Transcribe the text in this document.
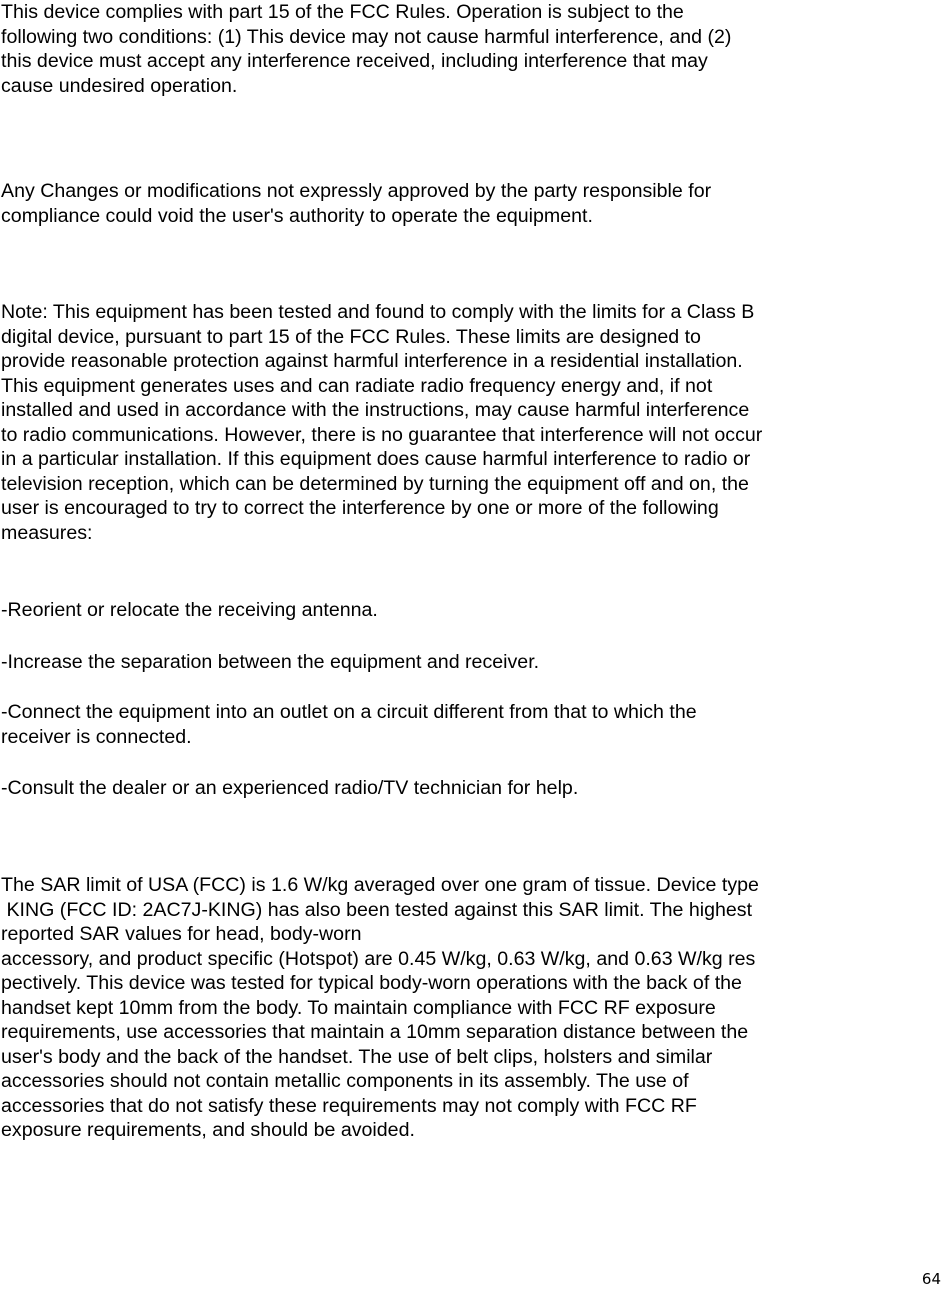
This device complies with part 15 of the FCC Rules. Operation is subject to the
following two conditions: (1) This device may not cause harmful interference, and (2)
this device must accept any interference received, including interference that may
cause undesired operation.
Any Changes or modifications not expressly approved by the party responsible for
compliance could void the user's authority to operate the equipment.
Note: This equipment has been tested and found to comply with the limits for a Class B
digital device, pursuant to part 15 of the FCC Rules. These limits are designed to
provide reasonable protection against harmful interference in a residential installation.
This equipment generates uses and can radiate radio frequency energy and, if not
installed and used in accordance with the instructions, may cause harmful interference
to radio communications. However, there is no guarantee that interference will not occur
in a particular installation. If this equipment does cause harmful interference to radio or
television reception, which can be determined by turning the equipment off and on, the
user is encouraged to try to correct the interference by one or more of the following
measures:
-Reorient or relocate the receiving antenna.
-Increase the separation between the equipment and receiver.
-Connect the equipment into an outlet on a circuit different from that to which the
receiver is connected.
-Consult the dealer or an experienced radio/TV technician for help.
The SAR limit of USA (FCC) is 1.6 W/kg averaged over one gram of tissue. Device type
KING (FCC ID: 2AC7J-KING) has also been tested against this SAR limit. The highest
reported SAR values for head, body-worn
accessory, and product specific (Hotspot) are 0.45 W/kg, 0.63 W/kg, and 0.63 W/kg res
pectively. This device was tested for typical body-worn operations with the back of the
handset kept 10mm from the body. To maintain compliance with FCC RF exposure
requirements, use accessories that maintain a 10mm separation distance between the
user's body and the back of the handset. The use of belt clips, holsters and similar
accessories should not contain metallic components in its assembly. The use of
accessories that do not satisfy these requirements may not comply with FCC RF
exposure requirements, and should be avoided.
64
